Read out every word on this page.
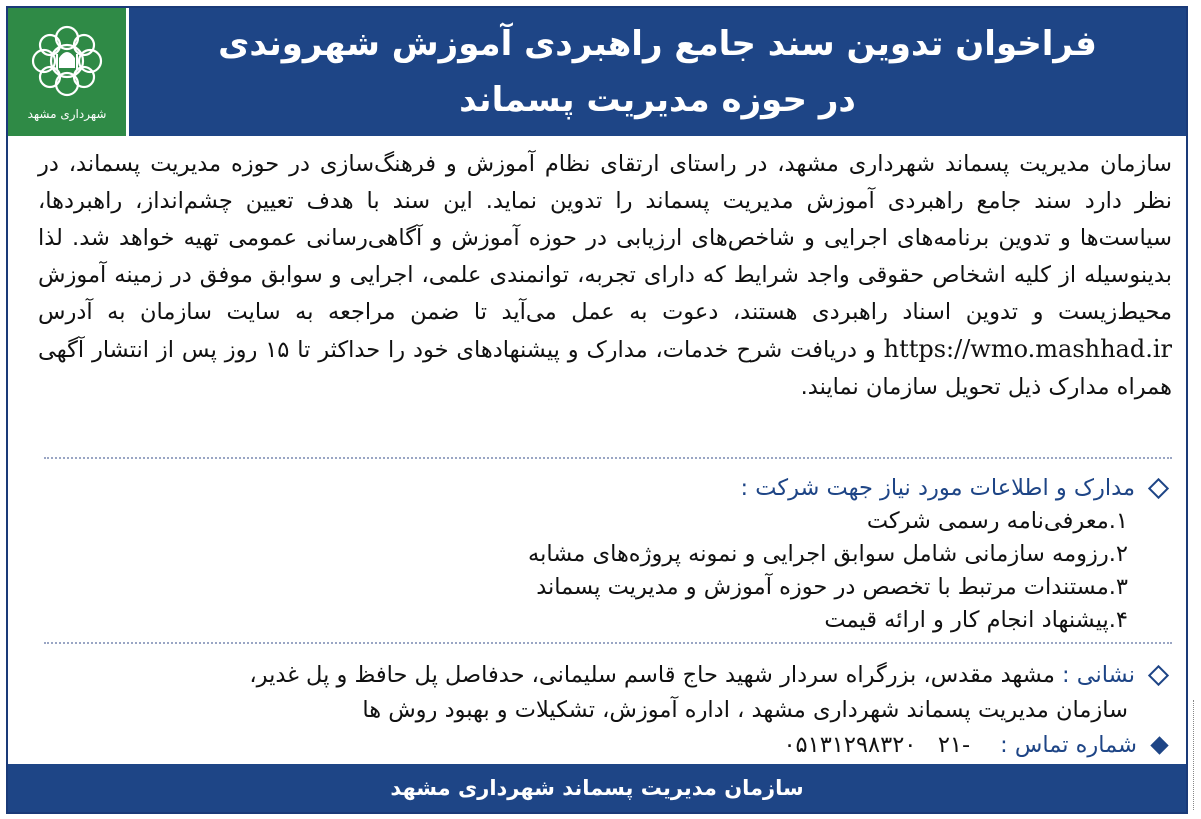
شهرداری مشهد
فراخوان تدوین سند جامع راهبردی آموزش شهروندی
در حوزه مدیریت پسماند
سازمان مدیریت پسماند شهرداری مشهد، در راستای ارتقای نظام آموزش و فرهنگ‌سازی در حوزه مدیریت پسماند، در نظر دارد سند جامع راهبردی آموزش مدیریت پسماند را تدوین نماید. این سند با هدف تعیین چشم‌انداز، راهبردها، سیاست‌ها و تدوین برنامه‌های اجرایی و شاخص‌های ارزیابی در حوزه آموزش و آگاهی‌رسانی عمومی تهیه خواهد شد. لذا بدینوسیله از کلیه اشخاص حقوقی واجد شرایط که دارای تجربه، توانمندی علمی، اجرایی و سوابق موفق در زمینه آموزش محیط‌زیست و تدوین اسناد راهبردی هستند، دعوت به عمل می‌آید تا ضمن مراجعه به سایت سازمان به آدرس https://wmo.mashhad.ir و دریافت شرح خدمات، مدارک و پیشنهادهای خود را حداکثر تا ۱۵ روز پس از انتشار آگهی همراه مدارک ذیل تحویل سازمان نمایند.
مدارک و اطلاعات مورد نیاز جهت شرکت :
۱.معرفی‌نامه رسمی شرکت
۲.رزومه سازمانی شامل سوابق اجرایی و نمونه پروژه‌های مشابه
۳.مستندات مرتبط با تخصص در حوزه آموزش و مدیریت پسماند
۴.پیشنهاد انجام کار و ارائه قیمت
نشانی : مشهد مقدس، بزرگراه سردار شهید حاج قاسم سلیمانی، حدفاصل پل حافظ و پل غدیر،
سازمان مدیریت پسماند شهرداری مشهد ، اداره آموزش، تشکیلات و بهبود روش ها
شماره تماس :
۰۵۱۳۱۲۹۸۳۲۰ ۲۱-
سازمان مدیریت پسماند شهرداری مشهد
